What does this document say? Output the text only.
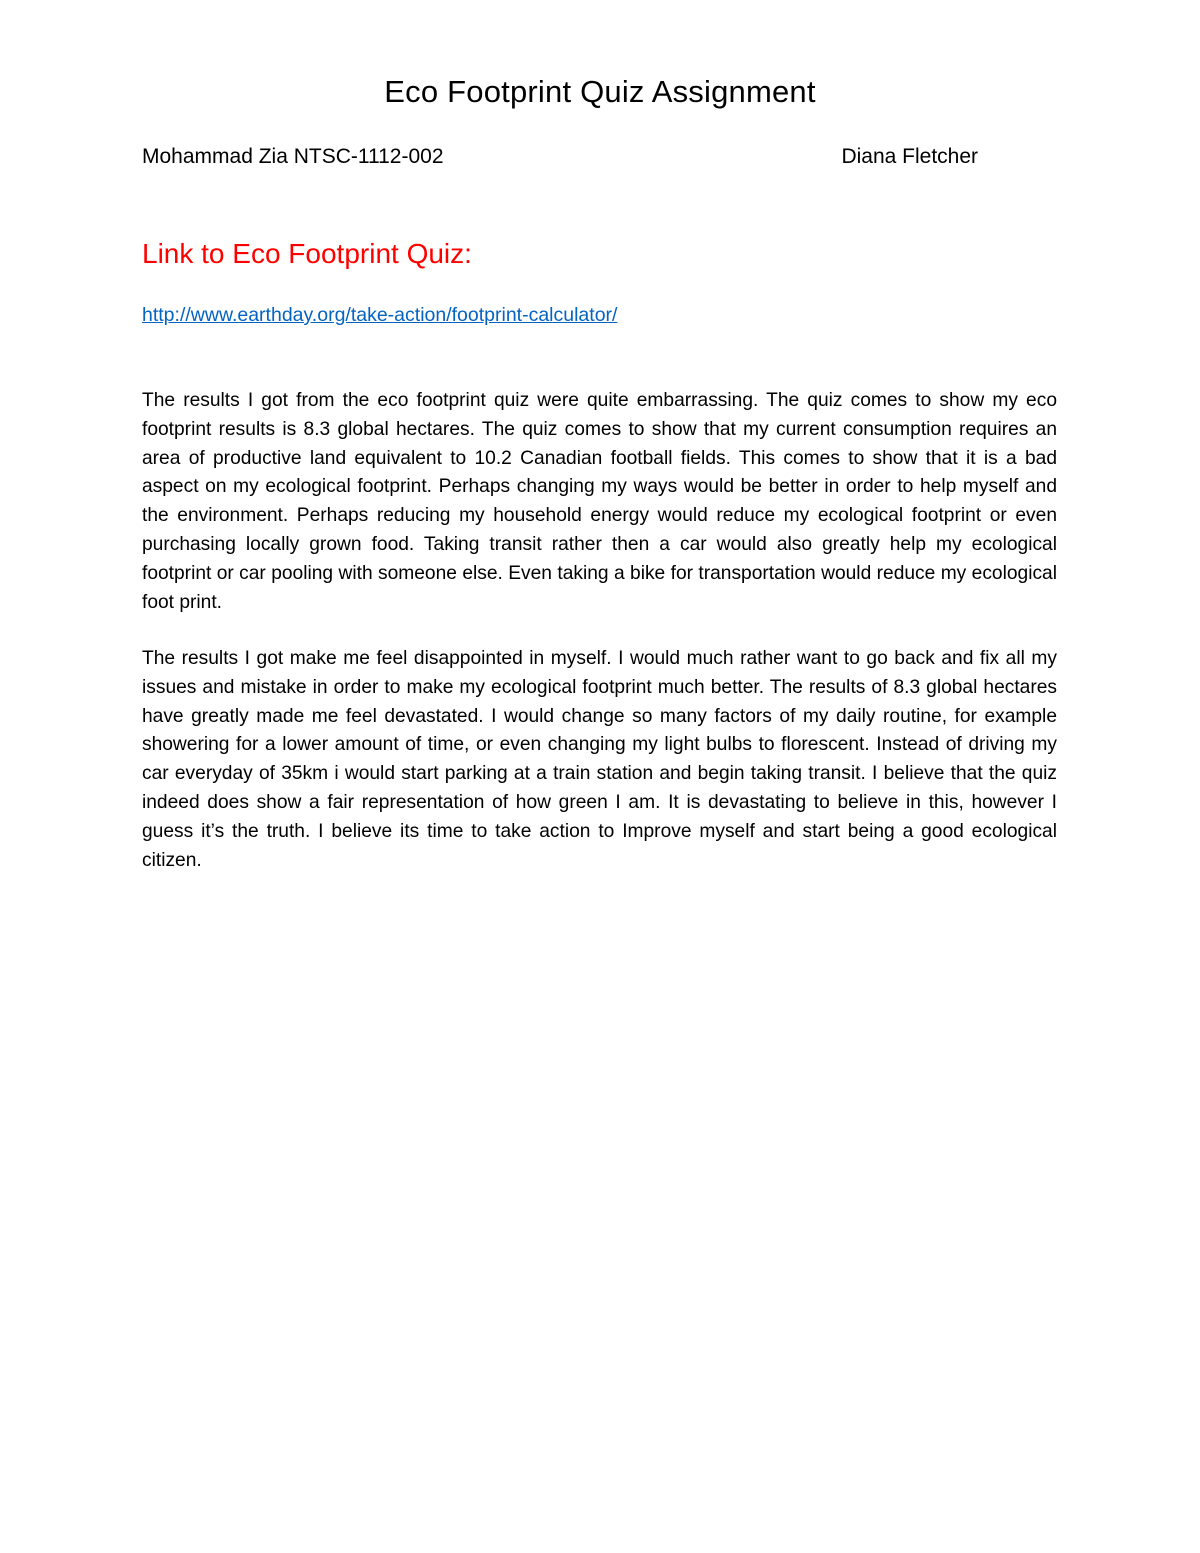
Eco Footprint Quiz Assignment
Mohammad Zia NTSC-1112-002	Diana Fletcher
Link to Eco Footprint Quiz:
http://www.earthday.org/take-action/footprint-calculator/

The results I got from the eco footprint quiz were quite embarrassing. The quiz comes to show my eco footprint results is 8.3 global hectares. The quiz comes to show that my current consumption requires an area of productive land equivalent to 10.2 Canadian football fields. This comes to show that it is a bad aspect on my ecological footprint. Perhaps changing my ways would be better in order to help myself and the environment. Perhaps reducing my household energy would reduce my ecological footprint or even purchasing locally grown food. Taking transit rather then a car would also greatly help my ecological footprint or car pooling with someone else. Even taking a bike for transportation would reduce my ecological foot print.

The results I got make me feel disappointed in myself. I would much rather want to go back and fix all my issues and mistake in order to make my ecological footprint much better. The results of 8.3 global hectares have greatly made me feel devastated. I would change so many factors of my daily routine, for example showering for a lower amount of time, or even changing my light bulbs to florescent. Instead of driving my car everyday of 35km i would start parking at a train station and begin taking transit. I believe that the quiz indeed does show a fair representation of how green I am. It is devastating to believe in this, however I guess it’s the truth. I believe its time to take action to Improve myself and start being a good ecological citizen.
